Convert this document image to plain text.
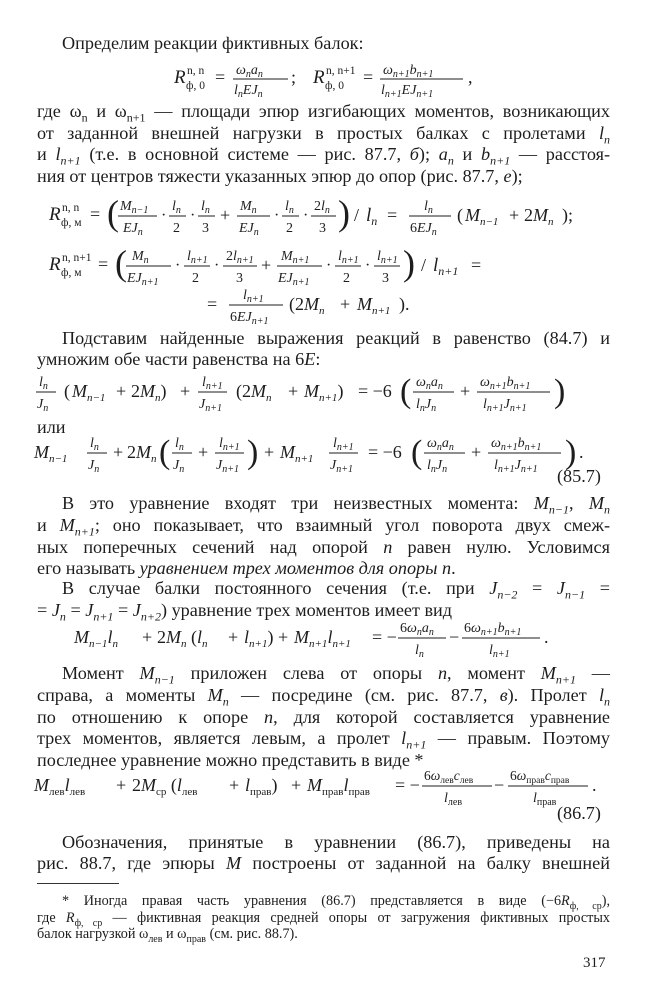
Определим реакции фиктивных балок:
R n, n
ф, $0 = \omega_na_n$
$l_nEJ_n$
; R n, n+1
ф, $0 = \omega_{n+1}b_{n+1}$
$l_{n+1}EJ_{n+1}$
,
где $\omega_n$ и $\omega_{n+1}$ — площади эпюр изгибающих моментов, возникающих
от заданной внешней нагрузки в простых балках с пролетами $l_n$
и $l_{n+1}$ (т.е. в основной системе — рис. 87.7, б); $a_n$ и $b_{n+1}$ — расстоя-
ния от центров тяжести указанных эпюр до опор (рис. 87.7, е);
R n, n
ф, м = ( $M_{n-1}$
$EJ_n$
·
$l_n$
2
·
$l_n$
3
+ $M_n$
$EJ_n$
·
$l_n$
2
·
$2l_n$
3 ) / $l_n = l_n$
$6EJ_n$
( $M_{n-1} + 2M_n$ );
R n, n+1
ф, м = ( $M_n$
$EJ_{n+1}$
·
$l_{n+1}$
2
·
$2l_{n+1}$
3
+ $M_{n+1}$
$EJ_{n+1}$
·
$l_{n+1}$
2
·
$l_{n+1}$
3 ) / $l_{n+1}$ =
= $l_{n+1}$
$6EJ_{n+1}$
($2M_n + M_{n+1}$ ).
Подставим найденные выражения реакций в равенство (84.7) и
умножим обе части равенства на 6E:
$l_n$
$J_n$
( $M_{n-1} + 2M_n) + l_{n+1}$
$J_{n+1}$
$(2M_n + M_{n+1}) = -6$ ( $\omega_na_n$
$l_nJ_n$
+ $\omega_{n+1}b_{n+1}$
$l_{n+1}J_{n+1}$ )
или
$M_{n-1}$
$l_n$
$J_n$
+ $2M_n$ ( $l_n$
$J_n$
+ $l_{n+1}$
$J_{n+1}$ ) + $M_{n+1}$
$l_{n+1}$
$J_{n+1}$
= −6 ( $\omega_na_n$
$l_nJ_n$
+ $\omega_{n+1}b_{n+1}$
$l_{n+1}J_{n+1}$ ) .
(85.7)
В это уравнение входят три неизвестных момента: $M_{n-1}$, $M_n$
и $M_{n+1}$; оно показывает, что взаимный угол поворота двух смеж-
ных поперечных сечений над опорой n равен нулю. Условимся
его называть уравнением трех моментов для опоры n.
В случае балки постоянного сечения (т.е. при $J_{n-2} = J_{n-1}$ =
= $J_n = J_{n+1} = J_{n+2}$) уравнение трех моментов имеет вид
$M_{n-1}l_n + 2M_n$ $(l_n + l_{n+1}) + M_{n+1}l_{n+1}$ = − $6\omega_na_n$
$l_n$
− $6\omega_{n+1}b_{n+1}$
$l_{n+1}$
.
Момент $M_{n-1}$ приложен слева от опоры n, момент $M_{n+1}$ —
справа, а моменты $M_n$ — посредине (см. рис. 87.7, в). Пролет $l_n$
по отношению к опоре n, для которой составляется уравнение
трех моментов, является левым, а пролет $l_{n+1}$ — правым. Поэтому
последнее уравнение можно представить в виде *
$M_{лев}l_{лев} + 2M_{ср}$ $(l_{лев} + l_{прав}) + M_{прав}l_{прав}$ = − $6\omega_{лев}c_{лев}$
$l_{лев}$
− $6\omega_{прав}c_{прав}$
$l_{прав}$
.
(86.7)
Обозначения, принятые в уравнении (86.7), приведены на
рис. 88.7, где эпюры M построены от заданной на балку внешней
* Иногда правая часть уравнения (86.7) представляется в виде $(-6R_{ф, ср})$,
где $R_{ф, ср}$ — фиктивная реакция средней опоры от загружения фиктивных простых
балок нагрузкой $\omega_{лев}$ и $\omega_{прав}$ (см. рис. 88.7).
317
